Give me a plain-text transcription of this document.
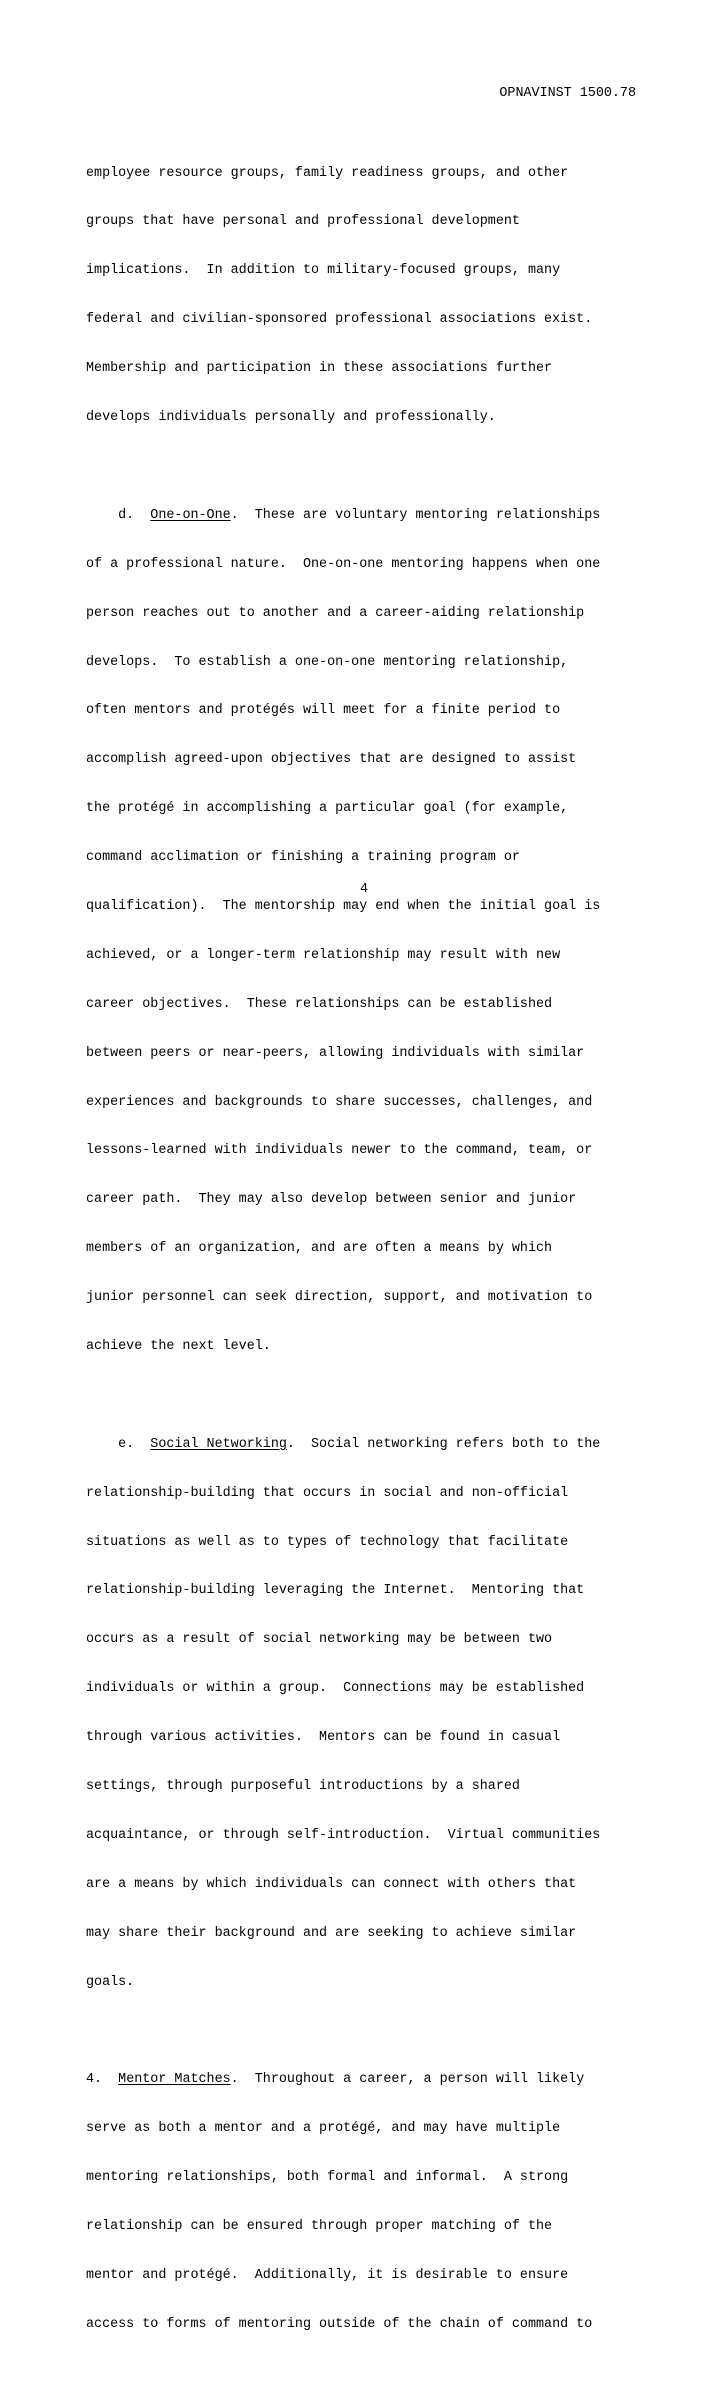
OPNAVINST 1500.78

employee resource groups, family readiness groups, and other

groups that have personal and professional development

implications.  In addition to military-focused groups, many

federal and civilian-sponsored professional associations exist.

Membership and participation in these associations further

develops individuals personally and professionally.

d.  One-on-One.  These are voluntary mentoring relationships

of a professional nature.  One-on-one mentoring happens when one

person reaches out to another and a career-aiding relationship

develops.  To establish a one-on-one mentoring relationship,

often mentors and protégés will meet for a finite period to

accomplish agreed-upon objectives that are designed to assist

the protégé in accomplishing a particular goal (for example,

command acclimation or finishing a training program or

qualification).  The mentorship may end when the initial goal is

achieved, or a longer-term relationship may result with new

career objectives.  These relationships can be established

between peers or near-peers, allowing individuals with similar

experiences and backgrounds to share successes, challenges, and

lessons-learned with individuals newer to the command, team, or

career path.  They may also develop between senior and junior

members of an organization, and are often a means by which

junior personnel can seek direction, support, and motivation to

achieve the next level.

e.  Social Networking.  Social networking refers both to the

relationship-building that occurs in social and non-official

situations as well as to types of technology that facilitate

relationship-building leveraging the Internet.  Mentoring that

occurs as a result of social networking may be between two

individuals or within a group.  Connections may be established

through various activities.  Mentors can be found in casual

settings, through purposeful introductions by a shared

acquaintance, or through self-introduction.  Virtual communities

are a means by which individuals can connect with others that

may share their background and are seeking to achieve similar

goals.

4.  Mentor Matches.  Throughout a career, a person will likely

serve as both a mentor and a protégé, and may have multiple

mentoring relationships, both formal and informal.  A strong

relationship can be ensured through proper matching of the

mentor and protégé.  Additionally, it is desirable to ensure

access to forms of mentoring outside of the chain of command to

4
